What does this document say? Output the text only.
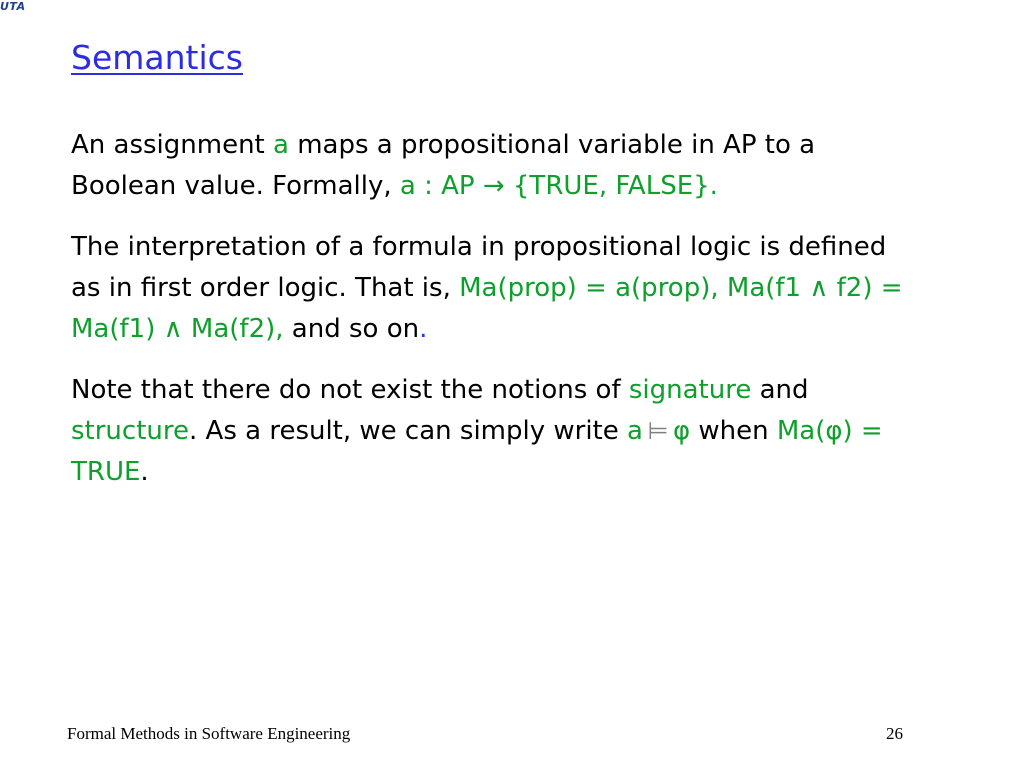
UTA
Semantics

An assignment a maps a propositional variable in AP to a Boolean value. Formally, a : AP → {TRUE, FALSE}.

The interpretation of a formula in propositional logic is defined as in first order logic. That is, Ma(prop) = a(prop), Ma(f1 ∧ f2) = Ma(f1) ∧ Ma(f2), and so on.

Note that there do not exist the notions of signature and structure. As a result, we can simply write a ⊨ φ when Ma(φ) = TRUE.

Formal Methods in Software Engineering	26
